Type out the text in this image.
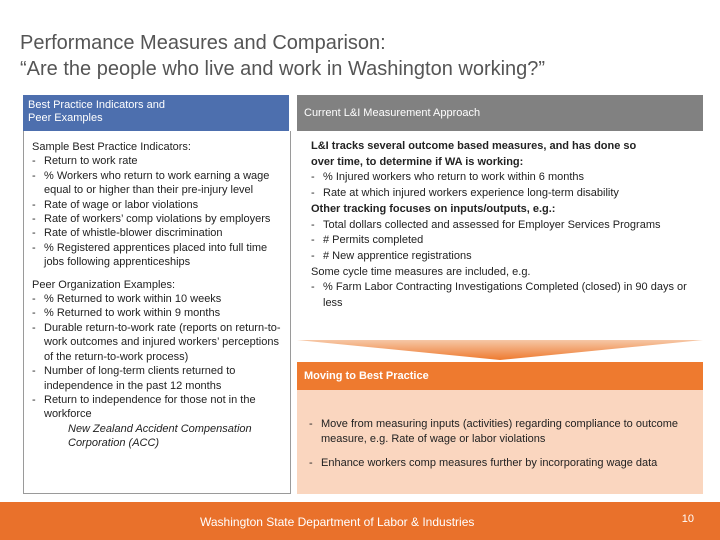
Performance Measures and Comparison:
“Are the people who live and work in Washington working?”
Best Practice Indicators and
Peer Examples
Sample Best Practice Indicators:
- Return to work rate
- % Workers who return to work earning a wage equal to or higher than their pre-injury level
- Rate of wage or labor violations
- Rate of workers’ comp violations by employers
- Rate of whistle-blower discrimination
- % Registered apprentices placed into full time jobs following apprenticeships
Peer Organization Examples:
- % Returned to work within 10 weeks
- % Returned to work within 9 months
- Durable return-to-work rate (reports on return-to-work outcomes and injured workers’ perceptions of the return-to-work process)
- Number of long-term clients returned to independence in the past 12 months
- Return to independence for those not in the workforce
New Zealand Accident Compensation
Corporation (ACC)
Current L&I Measurement Approach
L&I tracks several outcome based measures, and has done so
over time, to determine if WA is working:
- % Injured workers who return to work within 6 months
- Rate at which injured workers experience long-term disability
Other tracking focuses on inputs/outputs, e.g.:
- Total dollars collected and assessed for Employer Services Programs
- # Permits completed
- # New apprentice registrations
Some cycle time measures are included, e.g.
- % Farm Labor Contracting Investigations Completed (closed) in 90 days or less
Moving to Best Practice
- Move from measuring inputs (activities) regarding compliance to outcome measure, e.g. Rate of wage or labor violations
- Enhance workers comp measures further by incorporating wage data
Washington State Department of Labor & Industries	10
